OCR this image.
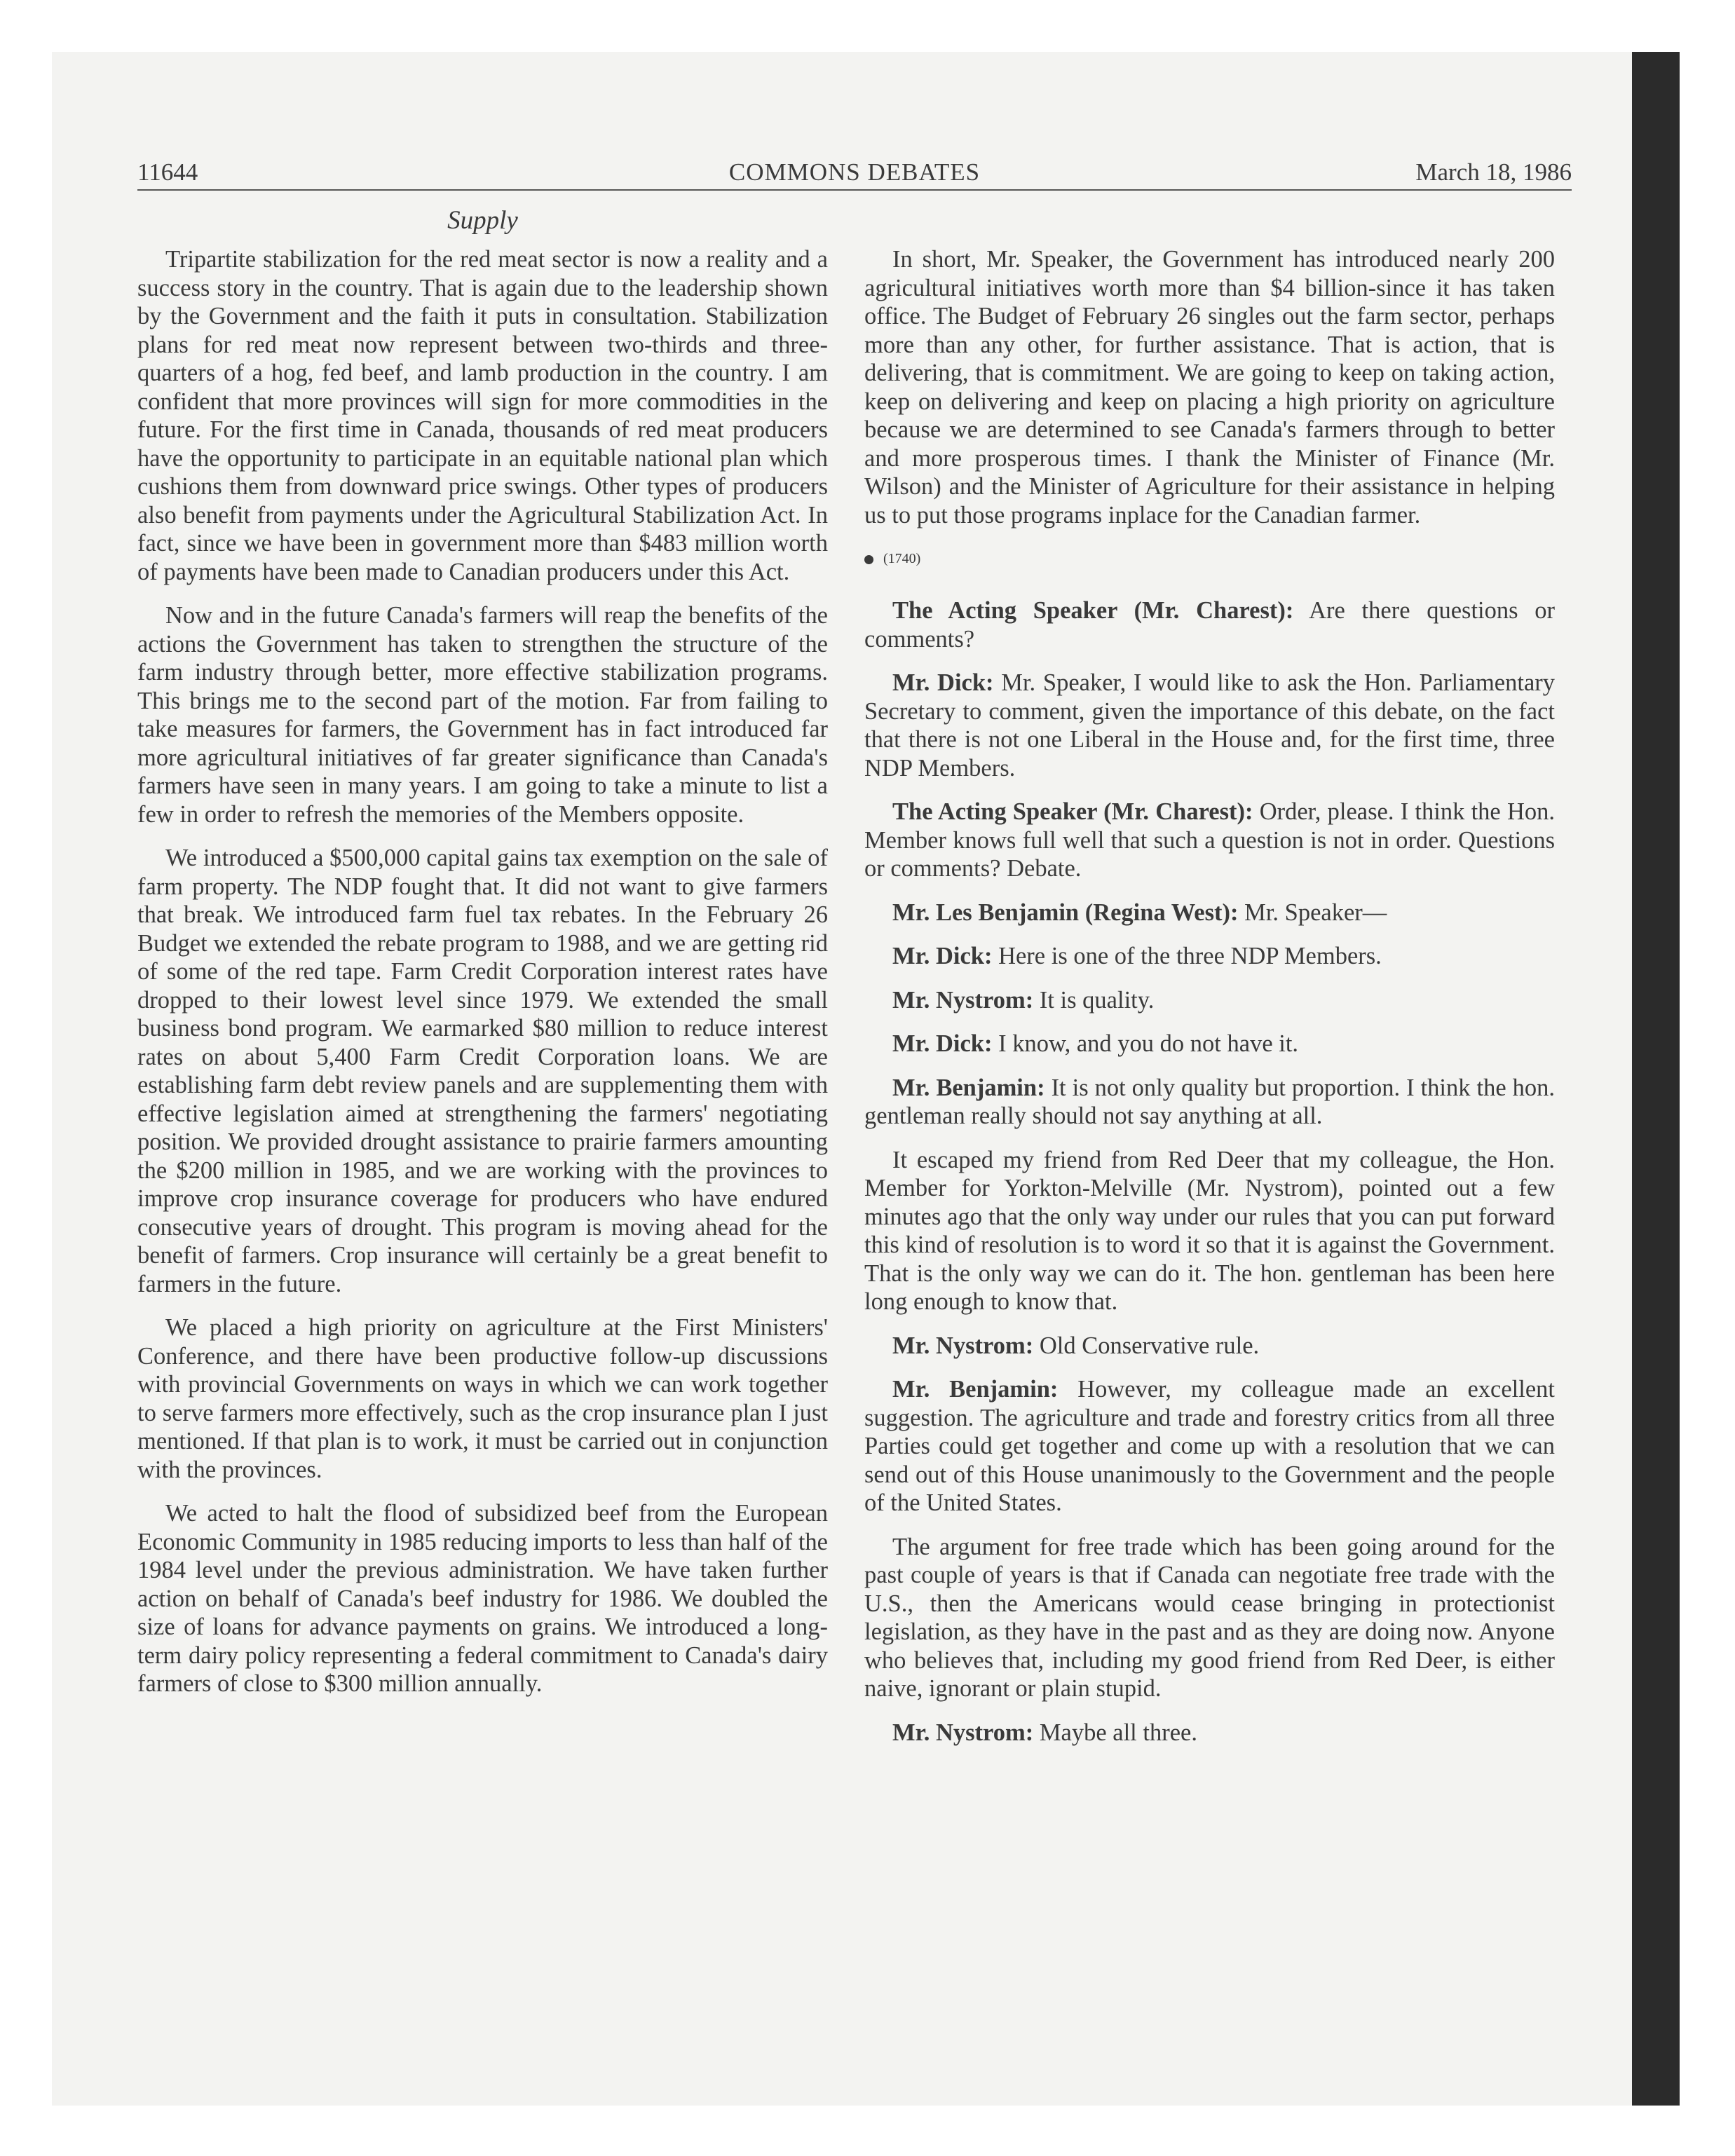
11644	COMMONS DEBATES	March 18, 1986
Supply

Tripartite stabilization for the red meat sector is now a reality and a success story in the country. That is again due to the leadership shown by the Government and the faith it puts in consultation. Stabilization plans for red meat now represent between two-thirds and three-quarters of a hog, fed beef, and lamb production in the country. I am confident that more provinces will sign for more commodities in the future. For the first time in Canada, thousands of red meat producers have the opportunity to participate in an equitable national plan which cushions them from downward price swings. Other types of producers also benefit from payments under the Agricultural Stabilization Act. In fact, since we have been in government more than $483 million worth of payments have been made to Canadian producers under this Act.

Now and in the future Canada's farmers will reap the benefits of the actions the Government has taken to strengthen the structure of the farm industry through better, more effective stabilization programs. This brings me to the second part of the motion. Far from failing to take measures for farmers, the Government has in fact introduced far more agricultural initiatives of far greater significance than Canada's farmers have seen in many years. I am going to take a minute to list a few in order to refresh the memories of the Members opposite.

We introduced a $500,000 capital gains tax exemption on the sale of farm property. The NDP fought that. It did not want to give farmers that break. We introduced farm fuel tax rebates. In the February 26 Budget we extended the rebate program to 1988, and we are getting rid of some of the red tape. Farm Credit Corporation interest rates have dropped to their lowest level since 1979. We extended the small business bond program. We earmarked $80 million to reduce interest rates on about 5,400 Farm Credit Corporation loans. We are establishing farm debt review panels and are supplementing them with effective legislation aimed at strengthening the farmers' negotiating position. We provided drought assistance to prairie farmers amounting the $200 million in 1985, and we are working with the provinces to improve crop insurance coverage for producers who have endured consecutive years of drought. This program is moving ahead for the benefit of farmers. Crop insurance will certainly be a great benefit to farmers in the future.

We placed a high priority on agriculture at the First Ministers' Conference, and there have been productive follow-up discussions with provincial Governments on ways in which we can work together to serve farmers more effectively, such as the crop insurance plan I just mentioned. If that plan is to work, it must be carried out in conjunction with the provinces.

We acted to halt the flood of subsidized beef from the European Economic Community in 1985 reducing imports to less than half of the 1984 level under the previous administration. We have taken further action on behalf of Canada's beef industry for 1986. We doubled the size of loans for advance payments on grains. We introduced a long-term dairy policy representing a federal commitment to Canada's dairy farmers of close to $300 million annually.

In short, Mr. Speaker, the Government has introduced nearly 200 agricultural initiatives worth more than $4 billion-since it has taken office. The Budget of February 26 singles out the farm sector, perhaps more than any other, for further assistance. That is action, that is delivering, that is commitment. We are going to keep on taking action, keep on delivering and keep on placing a high priority on agriculture because we are determined to see Canada's farmers through to better and more prosperous times. I thank the Minister of Finance (Mr. Wilson) and the Minister of Agriculture for their assistance in helping us to put those programs inplace for the Canadian farmer.

(1740)

The Acting Speaker (Mr. Charest): Are there questions or comments?

Mr. Dick: Mr. Speaker, I would like to ask the Hon. Parliamentary Secretary to comment, given the importance of this debate, on the fact that there is not one Liberal in the House and, for the first time, three NDP Members.

The Acting Speaker (Mr. Charest): Order, please. I think the Hon. Member knows full well that such a question is not in order. Questions or comments? Debate.

Mr. Les Benjamin (Regina West): Mr. Speaker—

Mr. Dick: Here is one of the three NDP Members.

Mr. Nystrom: It is quality.

Mr. Dick: I know, and you do not have it.

Mr. Benjamin: It is not only quality but proportion. I think the hon. gentleman really should not say anything at all.

It escaped my friend from Red Deer that my colleague, the Hon. Member for Yorkton-Melville (Mr. Nystrom), pointed out a few minutes ago that the only way under our rules that you can put forward this kind of resolution is to word it so that it is against the Government. That is the only way we can do it. The hon. gentleman has been here long enough to know that.

Mr. Nystrom: Old Conservative rule.

Mr. Benjamin: However, my colleague made an excellent suggestion. The agriculture and trade and forestry critics from all three Parties could get together and come up with a resolution that we can send out of this House unanimously to the Government and the people of the United States.

The argument for free trade which has been going around for the past couple of years is that if Canada can negotiate free trade with the U.S., then the Americans would cease bringing in protectionist legislation, as they have in the past and as they are doing now. Anyone who believes that, including my good friend from Red Deer, is either naive, ignorant or plain stupid.

Mr. Nystrom: Maybe all three.
